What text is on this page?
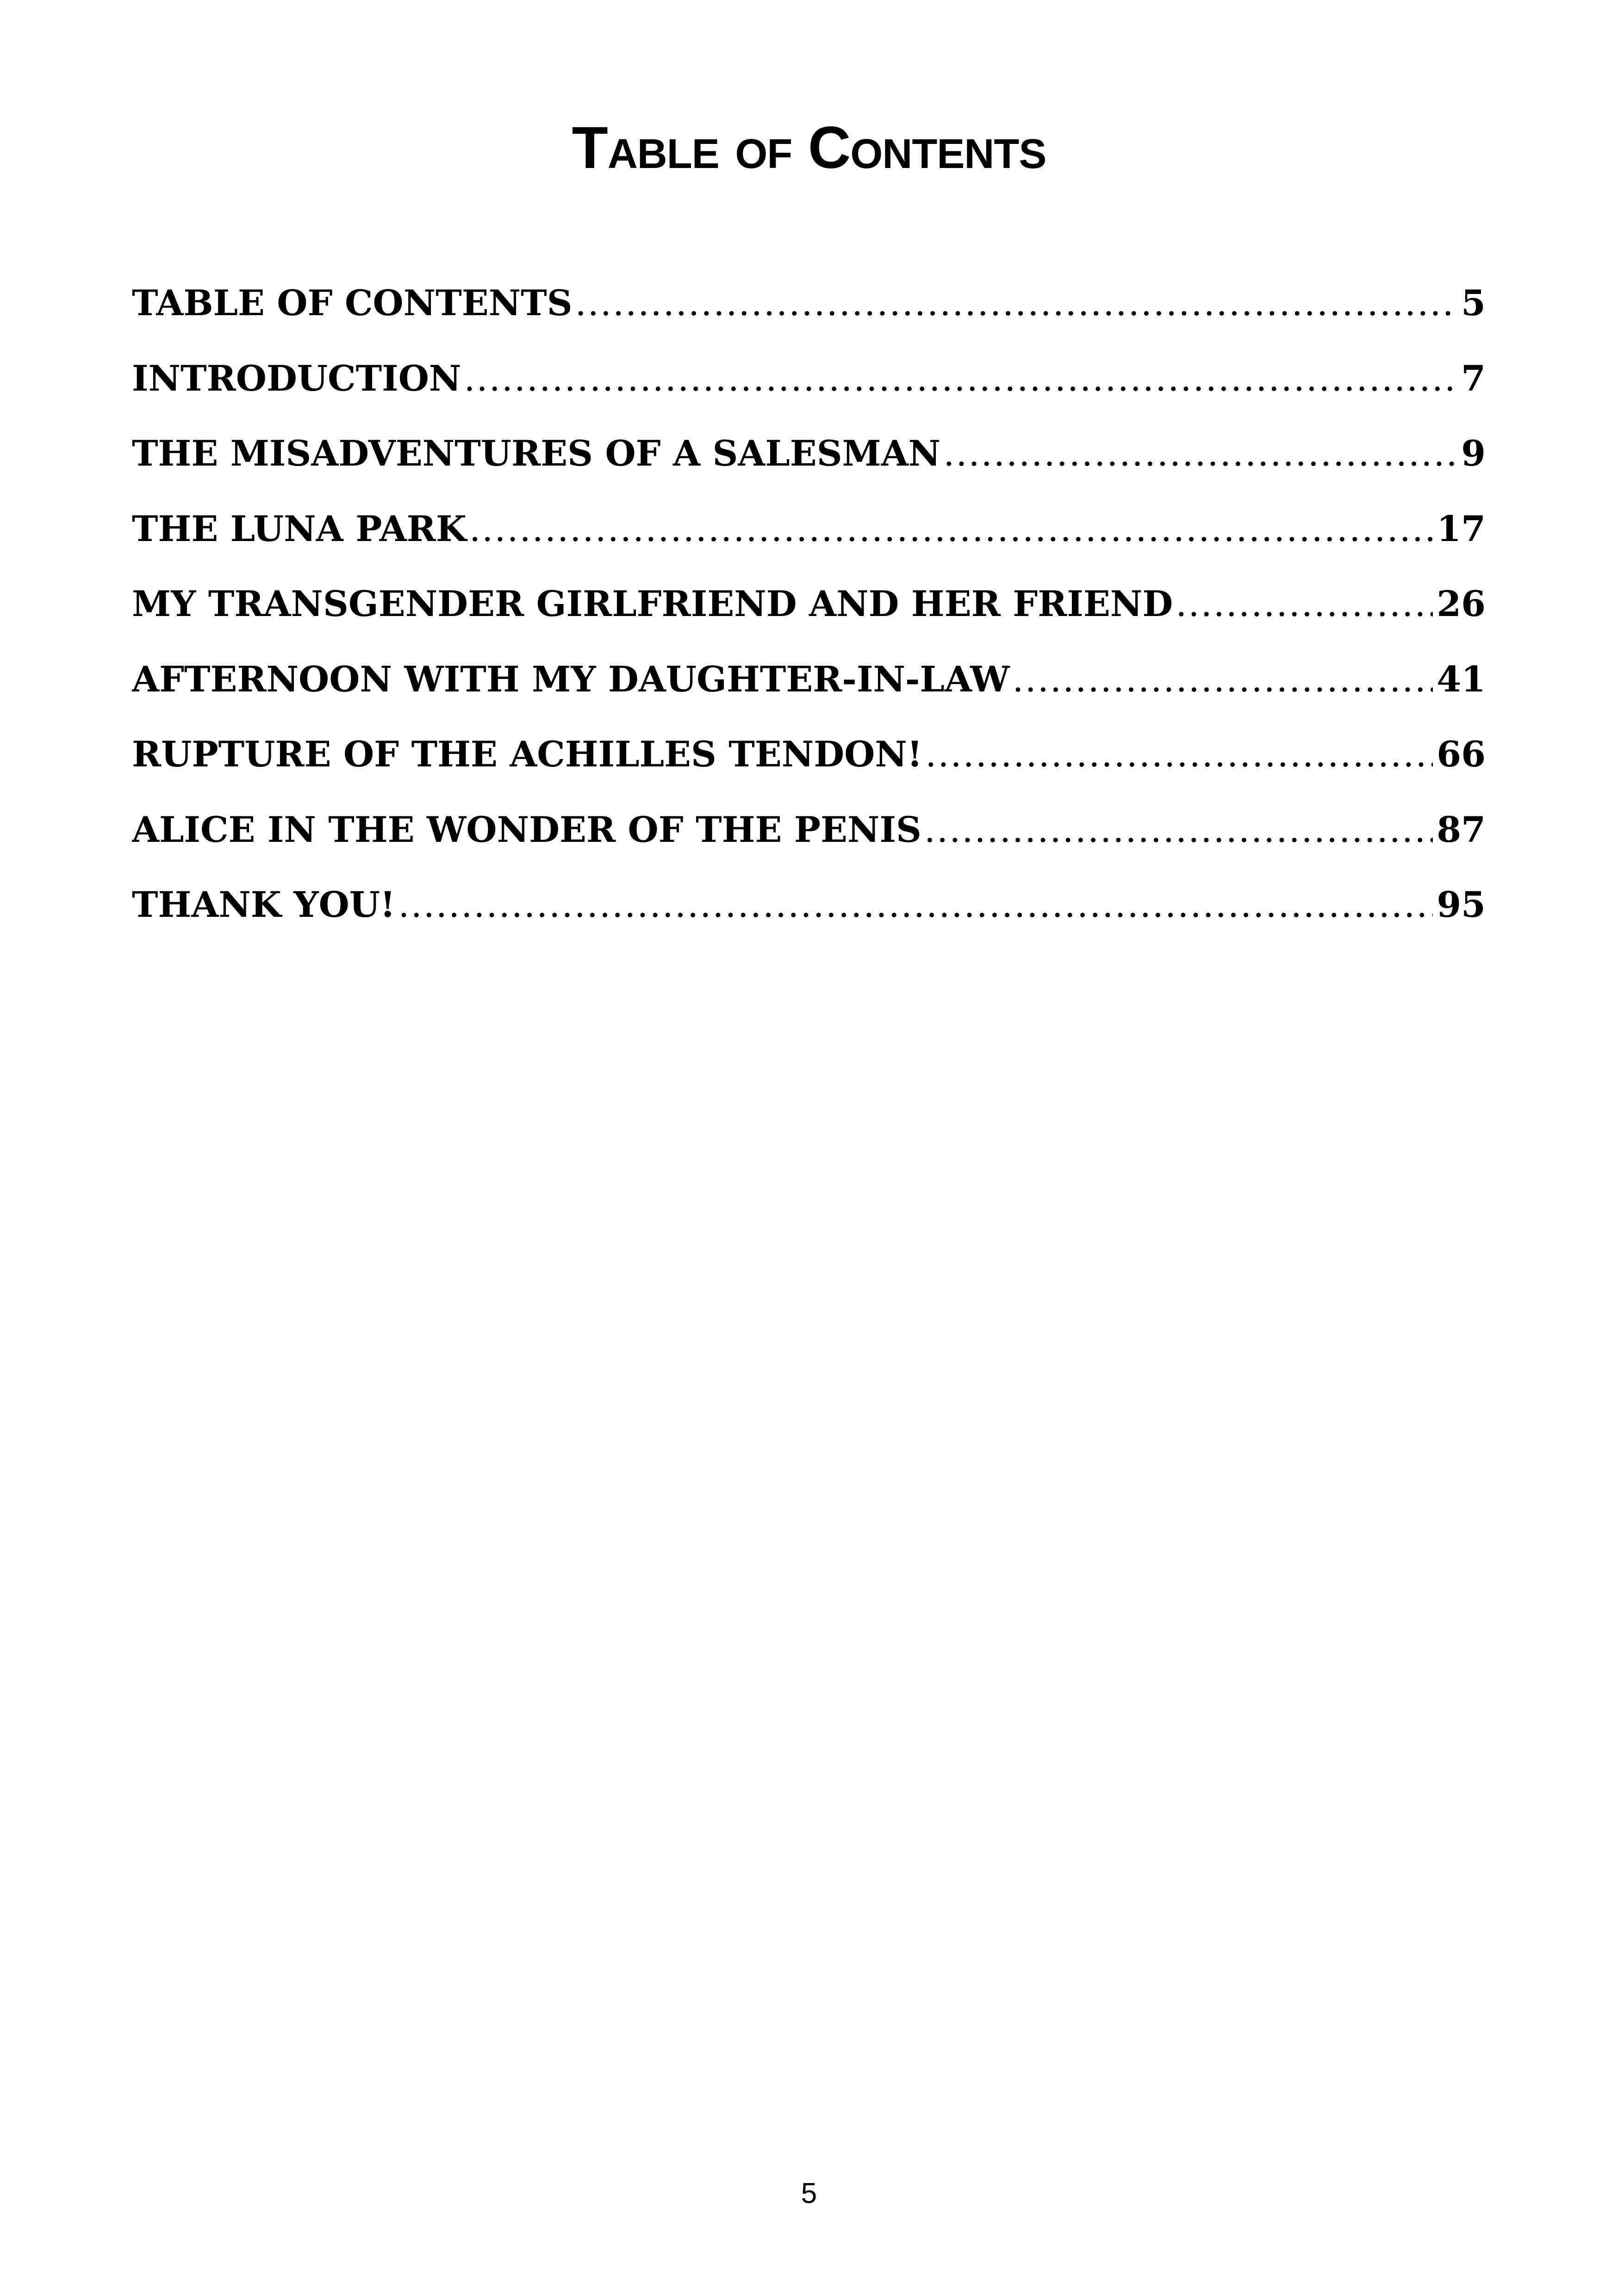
Table of Contents
TABLE OF CONTENTS .....	5
INTRODUCTION .....	7
THE MISADVENTURES OF A SALESMAN .....	9
THE LUNA PARK .....	17
MY TRANSGENDER GIRLFRIEND AND HER FRIEND .....	26
AFTERNOON WITH MY DAUGHTER-IN-LAW .....	41
RUPTURE OF THE ACHILLES TENDON! .....	66
ALICE IN THE WONDER OF THE PENIS .....	87
THANK YOU! .....	95
5
